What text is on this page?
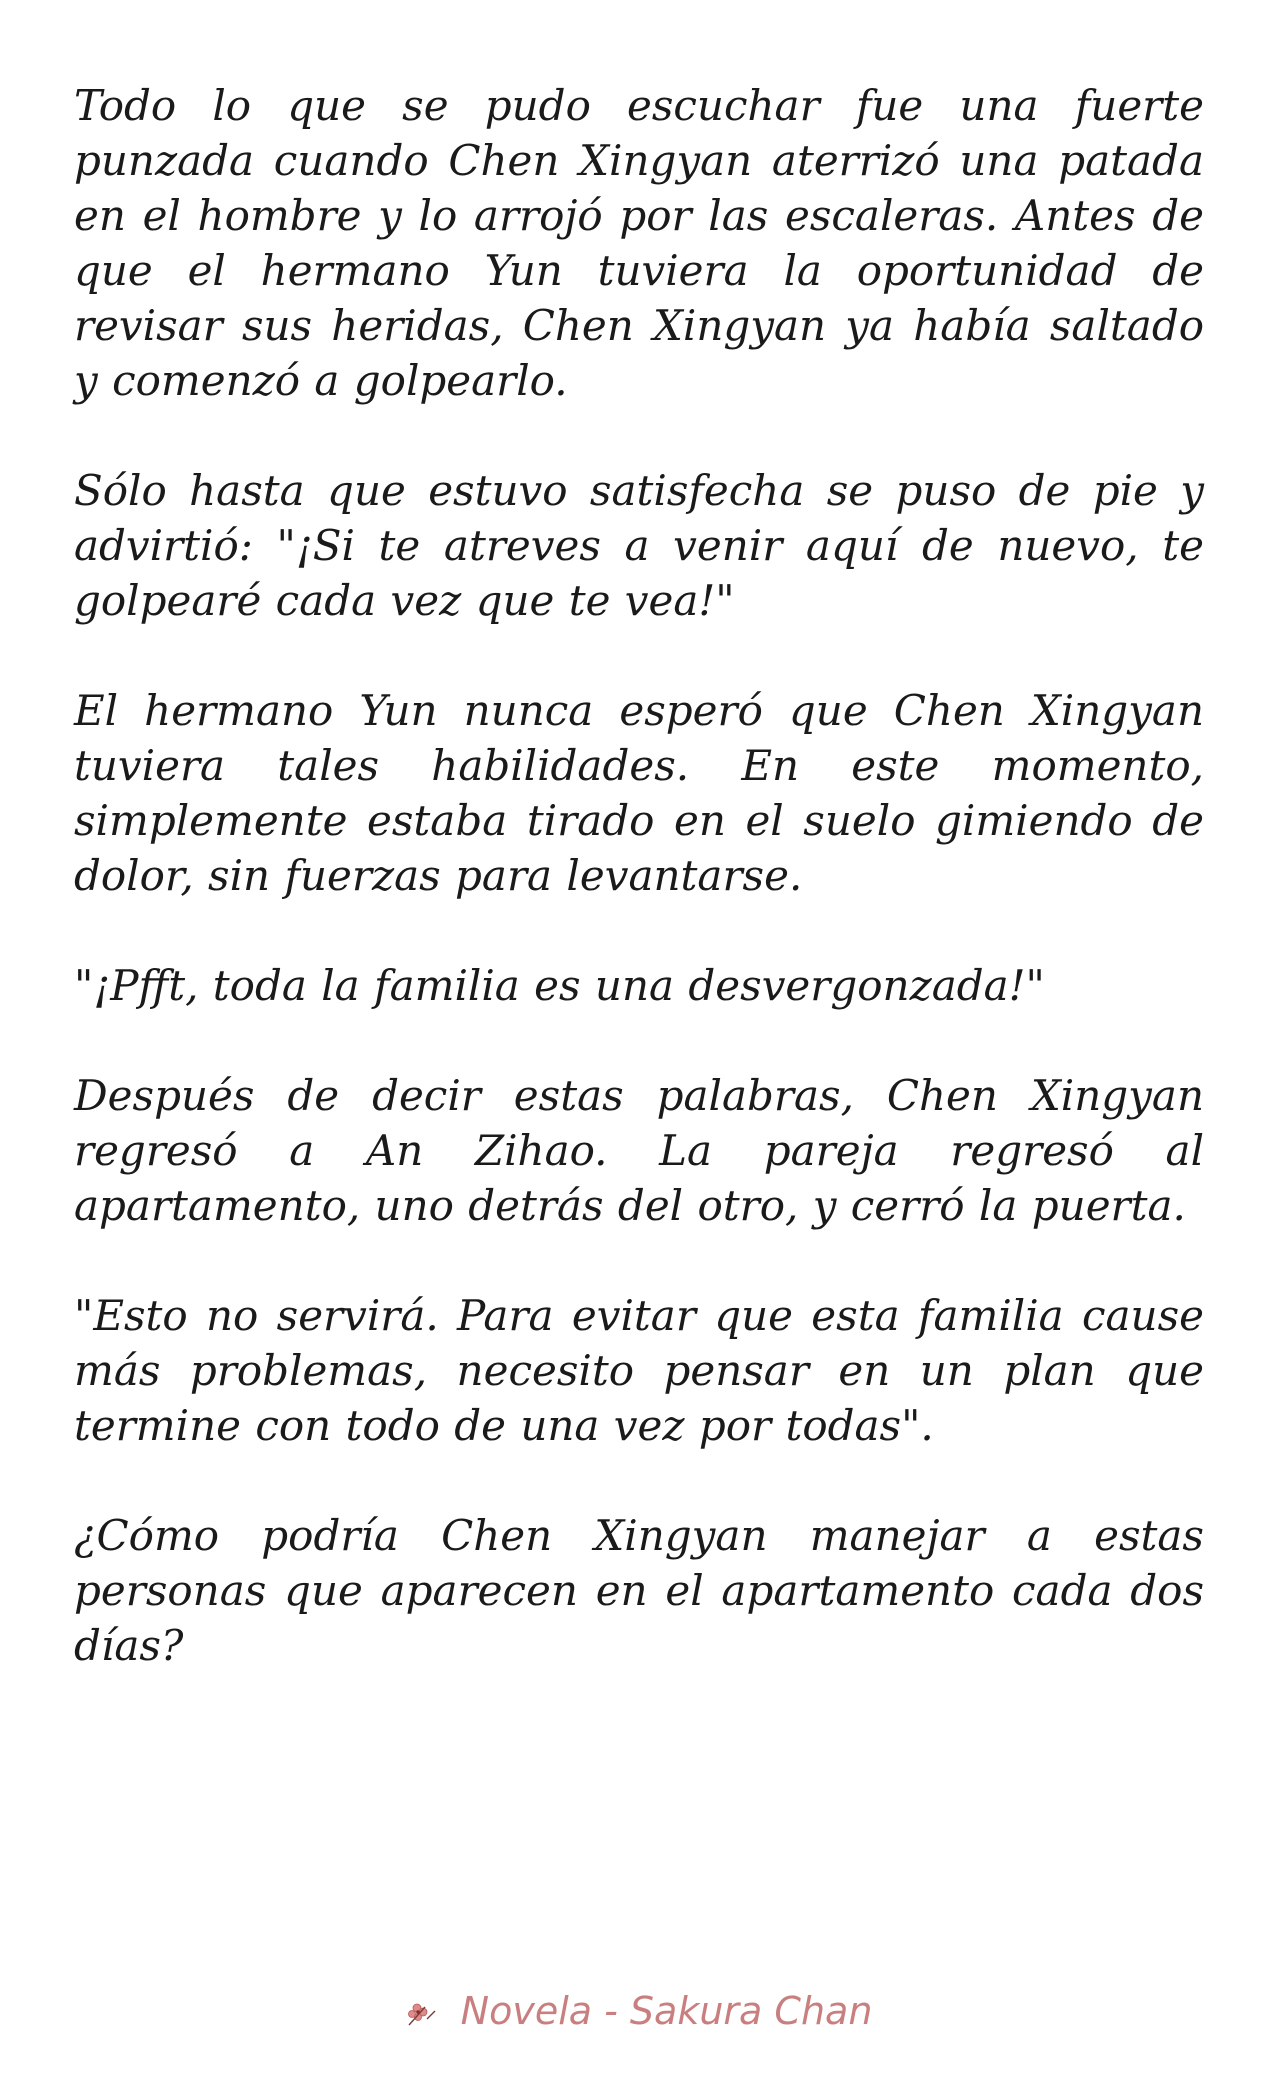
Todo lo que se pudo escuchar fue una fuerte punzada cuando Chen Xingyan aterrizó una patada en el hombre y lo arrojó por las escaleras. Antes de que el hermano Yun tuviera la oportunidad de revisar sus heridas, Chen Xingyan ya había saltado y comenzó a golpearlo.

Sólo hasta que estuvo satisfecha se puso de pie y advirtió: "¡Si te atreves a venir aquí de nuevo, te golpearé cada vez que te vea!"

El hermano Yun nunca esperó que Chen Xingyan tuviera tales habilidades. En este momento, simplemente estaba tirado en el suelo gimiendo de dolor, sin fuerzas para levantarse.

"¡Pfft, toda la familia es una desvergonzada!"

Después de decir estas palabras, Chen Xingyan regresó a An Zihao. La pareja regresó al apartamento, uno detrás del otro, y cerró la puerta.

"Esto no servirá. Para evitar que esta familia cause más problemas, necesito pensar en un plan que termine con todo de una vez por todas".

¿Cómo podría Chen Xingyan manejar a estas personas que aparecen en el apartamento cada dos días?

Novela - Sakura Chan
